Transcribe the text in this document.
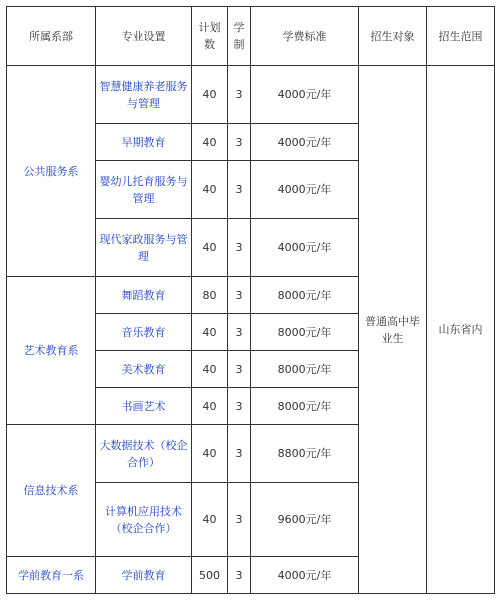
所属系部	专业设置	计划数	学制	学费标准	招生对象	招生范围	
公共服务系	智慧健康养老服务与管理	40	3	4000元/年	普通高中毕业生	山东省内	
	早期教育	40	3	4000元/年			
	婴幼儿托育服务与管理	40	3	4000元/年			
	现代家政服务与管理	40	3	4000元/年			
艺术教育系	舞蹈教育	80	3	8000元/年			
	音乐教育	40	3	8000元/年			
	美术教育	40	3	8000元/年			
	书画艺术	40	3	8000元/年			
信息技术系	大数据技术（校企合作）	40	3	8800元/年			
	计算机应用技术（校企合作）	40	3	9600元/年			
学前教育一系	学前教育	500	3	4000元/年			
